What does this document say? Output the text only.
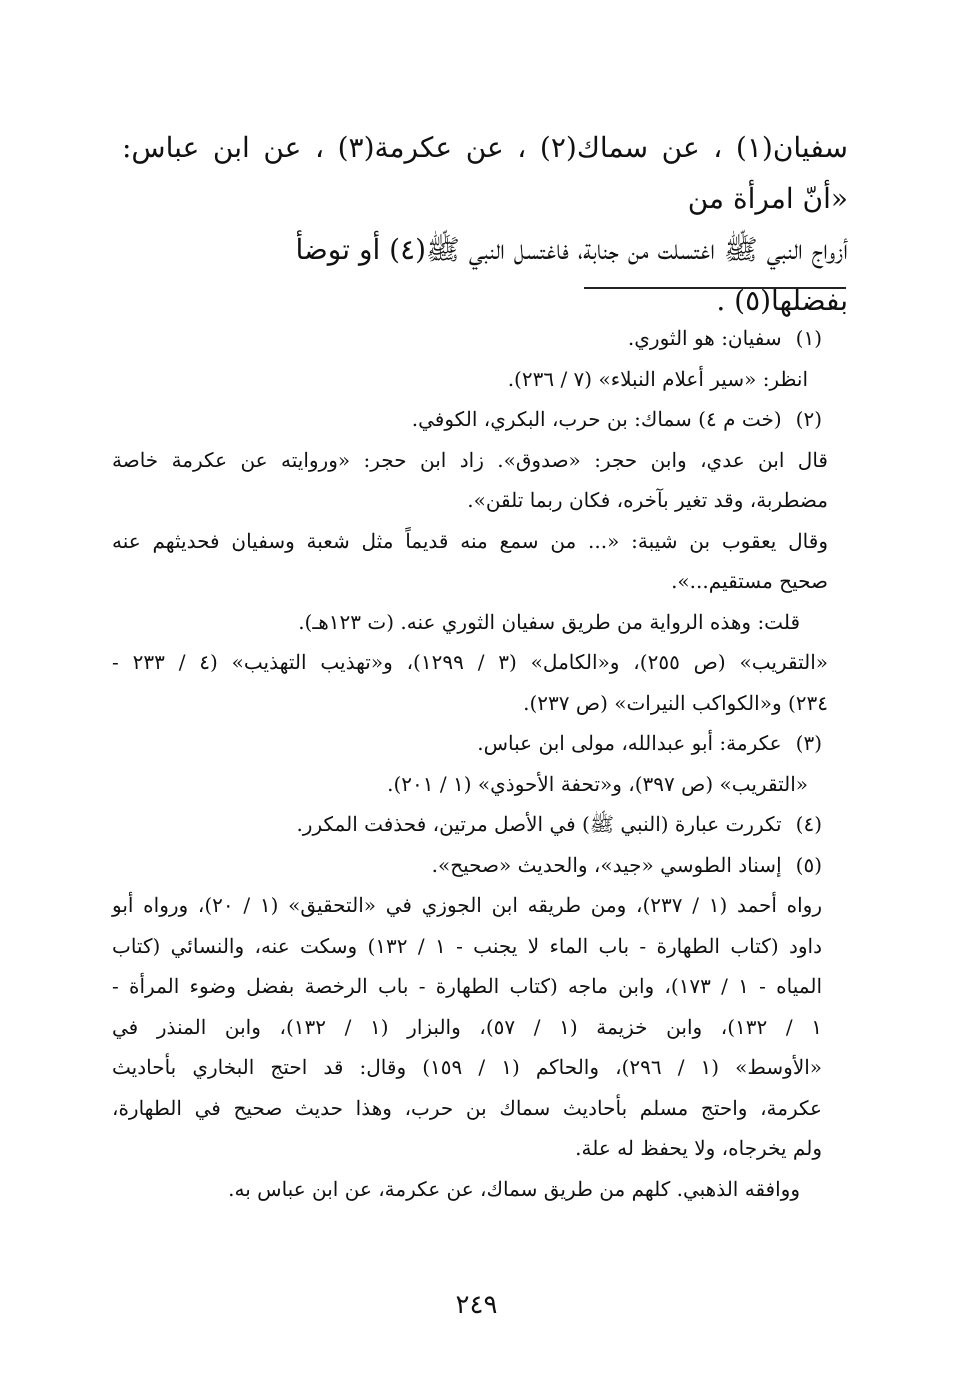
سفيان(١) ، عن سماك(٢) ، عن عكرمة(٣) ، عن ابن عباس: «أنّ امرأة من

أزواج النبي ﷺ اغتسلت من جنابة، فاغتسل النبي ﷺ(٤) أو توضأ

بفضلها(٥) .

(١)سفيان: هو الثوري.

انظر: «سير أعلام النبلاء» (٧ / ٢٣٦).

(٢)(خت م ٤) سماك: بن حرب، البكري، الكوفي.

قال ابن عدي، وابن حجر: «صدوق». زاد ابن حجر: «وروايته عن عكرمة خاصة

مضطربة، وقد تغير بآخره، فكان ربما تلقن».

وقال يعقوب بن شيبة: «... من سمع منه قديماً مثل شعبة وسفيان فحديثهم عنه

صحيح مستقيم...».

قلت: وهذه الرواية من طريق سفيان الثوري عنه. (ت ١٢٣هـ).

«التقريب» (ص ٢٥٥)، و«الكامل» (٣ / ١٢٩٩)، و«تهذيب التهذيب» (٤ / ٢٣٣ -

٢٣٤) و«الكواكب النيرات» (ص ٢٣٧).

(٣)عكرمة: أبو عبدالله، مولى ابن عباس.

«التقريب» (ص ٣٩٧)، و«تحفة الأحوذي» (١ / ٢٠١).

(٤)تكررت عبارة (النبي ﷺ) في الأصل مرتين، فحذفت المكرر.

(٥)إسناد الطوسي «جيد»، والحديث «صحيح».

رواه أحمد (١ / ٢٣٧)، ومن طريقه ابن الجوزي في «التحقيق» (١ / ٢٠)، ورواه أبو

داود (كتاب الطهارة - باب الماء لا يجنب - ١ / ١٣٢) وسكت عنه، والنسائي (كتاب

المياه - ١ / ١٧٣)، وابن ماجه (كتاب الطهارة - باب الرخصة بفضل وضوء المرأة -

١ / ١٣٢)، وابن خزيمة (١ / ٥٧)، والبزار (١ / ١٣٢)، وابن المنذر في

«الأوسط» (١ / ٢٩٦)، والحاكم (١ / ١٥٩) وقال: قد احتج البخاري بأحاديث

عكرمة، واحتج مسلم بأحاديث سماك بن حرب، وهذا حديث صحيح في الطهارة،

ولم يخرجاه، ولا يحفظ له علة.

ووافقه الذهبي. كلهم من طريق سماك، عن عكرمة، عن ابن عباس به.

٢٤٩
